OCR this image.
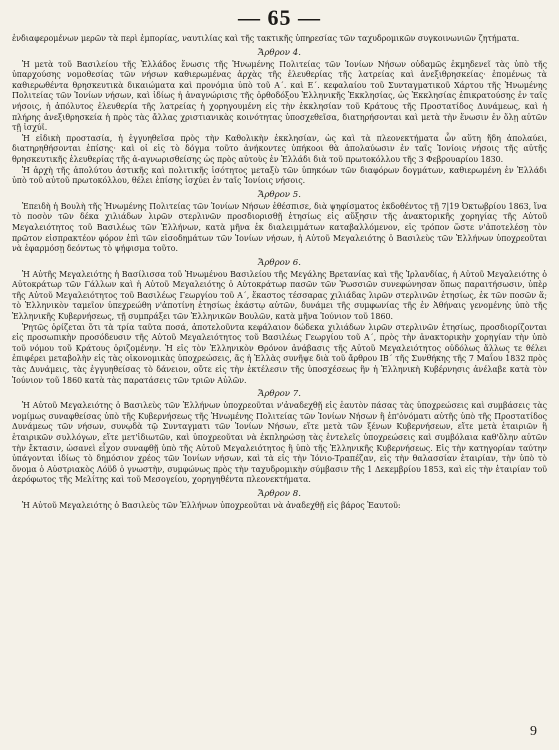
— 65 —

ἐνδιαφερομένων μερῶν τὰ περὶ ἐμπορίας, ναυτιλίας καὶ τῆς τακτικῆς ὑπηρεσίας τῶν ταχυδρομικῶν συγκοινωνιῶν ζητήματα.

Ἄρθρον 4.

Ἡ μετὰ τοῦ Βασιλείου τῆς Ἑλλάδος ἕνωσις τῆς Ἡνωμένης Πολιτείας τῶν Ἰονίων Νήσων οὐδαμῶς ἐκμηδενεῖ τὰς ὑπὸ τῆς ὑπαρχούσης νομοθεσίας τῶν νήσων καθιερωμένας ἀρχὰς τῆς ἐλευθερίας τῆς λατρείας καὶ ἀνεξιθρησκείας· ἐπομένως τὰ καθιερωθέντα θρησκευτικὰ δικαιώματα καὶ προνόμια ὑπὸ τοῦ Α΄. καὶ Ε΄. κεφαλαίου τοῦ Συνταγματικοῦ Χάρτου τῆς Ἡνωμένης Πολιτείας τῶν Ἰονίων νήσων, καὶ ἰδίως ἡ ἀναγνώρισις τῆς ὀρθοδόξου Ἑλληνικῆς Ἐκκλησίας, ὡς Ἐκκλησίας ἐπικρατούσης ἐν ταῖς νήσοις, ἡ ἀπόλυτος ἐλευθερία τῆς λατρείας ἡ χορηγουμένη εἰς τὴν ἐκκλησίαν τοῦ Κράτους τῆς Προστατίδος Δυνάμεως, καὶ ἡ πλήρης ἀνεξιθρησκεία ἡ πρὸς τὰς ἄλλας χριστιανικὰς κοινότητας ὑποσχεθεῖσα, διατηρήσονται καὶ μετὰ τὴν ἕνωσιν ἐν ὅλῃ αὐτῶν τῇ ἰσχύϊ.

Ἡ εἰδικὴ προστασία, ἡ ἐγγυηθεῖσα πρὸς τὴν Καθολικὴν ἐκκλησίαν, ὡς καὶ τὰ πλεονεκτήματα ὧν αὕτη ἤδη ἀπολαύει, διατηρηθήσονται ἐπίσης· καὶ οἱ εἰς τὸ δόγμα τοῦτο ἀνήκοντες ὑπήκοοι θὰ ἀπολαύωσιν ἐν ταῖς Ἰονίοις νήσοις τῆς αὐτῆς θρησκευτικῆς ἐλευθερίας τῆς ἀ-αγνωρισθείσης ὡς πρὸς αὐτοὺς ἐν Ἑλλάδι διὰ τοῦ πρωτοκόλλου τῆς 3 Φεβρουαρίου 1830.

Ἡ ἀρχὴ τῆς ἀπολύτου ἀστικῆς καὶ πολιτικῆς ἰσότητος μεταξὺ τῶν ὑπηκόων τῶν διαφόρων δογμάτων, καθιερωμένη ἐν Ἑλλάδι ὑπὸ τοῦ αὐτοῦ πρωτοκόλλου, θέλει ἐπίσης ἰσχύει ἐν ταῖς Ἰονίοις νήσοις.

Ἄρθρον 5.

Ἐπειδὴ ἡ Βουλὴ τῆς Ἡνωμένης Πολιτείας τῶν Ἰονίων Νήσων ἐθέσπισε, διὰ ψηφίσματος ἐκδοθέντος τῇ 7|19 Ὀκτωβρίου 1863, ἵνα τὸ ποσὸν τῶν δέκα χιλιάδων λιρῶν στερλινῶν προσδιορισθῇ ἐτησίως εἰς αὔξησιν τῆς ἀνακτορικῆς χορηγίας τῆς Αὐτοῦ Μεγαλειότητος τοῦ Βασιλέως τῶν Ἑλλήνων, κατὰ μῆνα ἐκ διαλειμμάτων καταβαλλόμενον, εἰς τρόπον ὥστε ν'ἀποτελέσῃ τὸν πρῶτον εἰσπρακτέον φόρον ἐπὶ τῶν εἰσοδημάτων τῶν Ἰονίων νήσων, ἡ Αὐτοῦ Μεγαλειότης ὁ Βασιλεὺς τῶν Ἑλλήνων ὑποχρεοῦται νὰ ἐφαρμόσῃ δεόντως τὸ ψήφισμα τοῦτο.

Ἄρθρον 6.

Ἡ Αὐτῆς Μεγαλειότης ἡ Βασίλισσα τοῦ Ἡνωμένου Βασιλείου τῆς Μεγάλης Βρετανίας καὶ τῆς Ἰρλανδίας, ἡ Αὐτοῦ Μεγαλειότης ὁ Αὐτοκράτωρ τῶν Γάλλων καὶ ἡ Αὐτοῦ Μεγαλειότης ὁ Αὐτοκράτωρ πασῶν τῶν Ῥωσσιῶν συνεφώνησαν ὅπως παραιτήσωσιν, ὑπὲρ τῆς Αὐτοῦ Μεγαλειότητος τοῦ Βασιλέως Γεωργίου τοῦ Α΄, ἕκαστος τέσσαρας χιλιάδας λιρῶν στερλινῶν ἐτησίως, ἐκ τῶν ποσῶν ἅ; τὸ Ἑλληνικὸν ταμεῖον ὑπεχρεώθη ν'ἀποτίνη ἐτησίως ἑκάστῳ αὐτῶν, δυνάμει τῆς συμφωνίας τῆς ἐν Ἀθήναις γενομένης ὑπὸ τῆς Ἑλληνικῆς Κυβερνήσεως, τῇ συμπράξει τῶν Ἑλληνικῶν Βουλῶν, κατὰ μῆνα Ἰούνιον τοῦ 1860.

Ῥητῶς ὁρίζεται ὅτι τὰ τρία ταῦτα ποσά, ἀποτελοῦντα κεφάλαιον δώδεκα χιλιάδων λιρῶν στερλινῶν ἐτησίως, προσδιορίζονται εἰς προσωπικὴν προσόδευσιν τῆς Αὐτοῦ Μεγαλειότητος τοῦ Βασιλέως Γεωργίου τοῦ Α΄, πρὸς τὴν ἀνακτορικὴν χορηγίαν τὴν ὑπὸ τοῦ νόμου τοῦ Κράτους ὁριζομένην. Ἡ εἰς τὸν Ἑλληνικὸν Θρόνον ἀνάβασις τῆς Αὐτοῦ Μεγαλειότητος οὐδόλως ἄλλως τε θέλει ἐπιφέρει μεταβολὴν εἰς τὰς οἰκονομικὰς ὑποχρεώσεις, ἅς ἡ Ἑλλὰς συνῆψε διὰ τοῦ ἄρθρου ΙΒ΄ τῆς Συνθήκης τῆς 7 Μαΐου 1832 πρὸς τὰς Δυνάμεις, τὰς ἐγγυηθείσας τὸ δάνειον, οὔτε εἰς τὴν ἐκτέλεσιν τῆς ὑποσχέσεως ἣν ἡ Ἑλληνικὴ Κυβέρνησις ἀνέλαβε κατὰ τὸν Ἰούνιον τοῦ 1860 κατὰ τὰς παρατάσεις τῶν τριῶν Αὐλῶν.

Ἄρθρον 7.

Ἡ Αὐτοῦ Μεγαλειότης ὁ Βασιλεὺς τῶν Ἑλλήνων ὑποχρεοῦται ν'ἀναδεχθῇ εἰς ἑαυτὸν πάσας τὰς ὑποχρεώσεις καὶ συμβάσεις τὰς νομίμως συναφθείσας ὑπὸ τῆς Κυβερνήσεως τῆς Ἡνωμένης Πολιτείας τῶν Ἰονίων Νήσων ἢ ἐπ'ὀνόματι αὐτῆς ὑπὸ τῆς Προστατίδος Δυνάμεως τῶν νήσων, συνῳδὰ τῷ Συνταγματι τῶν Ἰονίων Νήσων, εἴτε μετὰ τῶν ξένων Κυβερνήσεων, εἴτε μετὰ ἑταιριῶν ἢ ἑταιρικῶν συλλόγων, εἴτε μετ'ἰδιωτῶν, καὶ ὑποχρεοῦται νὰ ἐκπληρώσῃ τὰς ἐντελεῖς ὑποχρεώσεις καὶ συμβόλαια καθ'ὅλην αὐτῶν τὴν ἔκτασιν, ὡσανεὶ εἶχον συναφθῇ ὑπὸ τῆς Αὐτοῦ Μεγαλειότητος ἢ ὑπὸ τῆς Ἑλληνικῆς Κυβερνήσεως. Εἰς τὴν κατηγορίαν ταύτην ὑπάγονται ἰδίως τὸ δημόσιον χρέος τῶν Ἰονίων νήσων, καὶ τὰ εἰς τὴν Ἰόνιο-Τραπέζαν, εἰς τὴν θαλασσίαν ἑταιρίαν, τὴν ὑπὸ τὸ ὄνομα ὁ Αὐστριακὸς Λόϋδ ὁ γνωστὴν, συμφώνως πρὸς τὴν ταχυδρομικὴν σύμβασιν τῆς 1 Δεκεμβρίου 1853, καὶ εἰς τὴν ἑταιρίαν τοῦ ἀερόφωτος τῆς Μελίτης καὶ τοῦ Μεσογείου, χορηγηθέντα πλεονεκτήματα.

Ἄρθρον 8.

Ἡ Αὐτοῦ Μεγαλειότης ὁ Βασιλεὺς τῶν Ἑλλήνων ὑποχρεοῦται νὰ ἀναδεχθῇ εἰς βάρος Ἑαυτοῦ:

9
